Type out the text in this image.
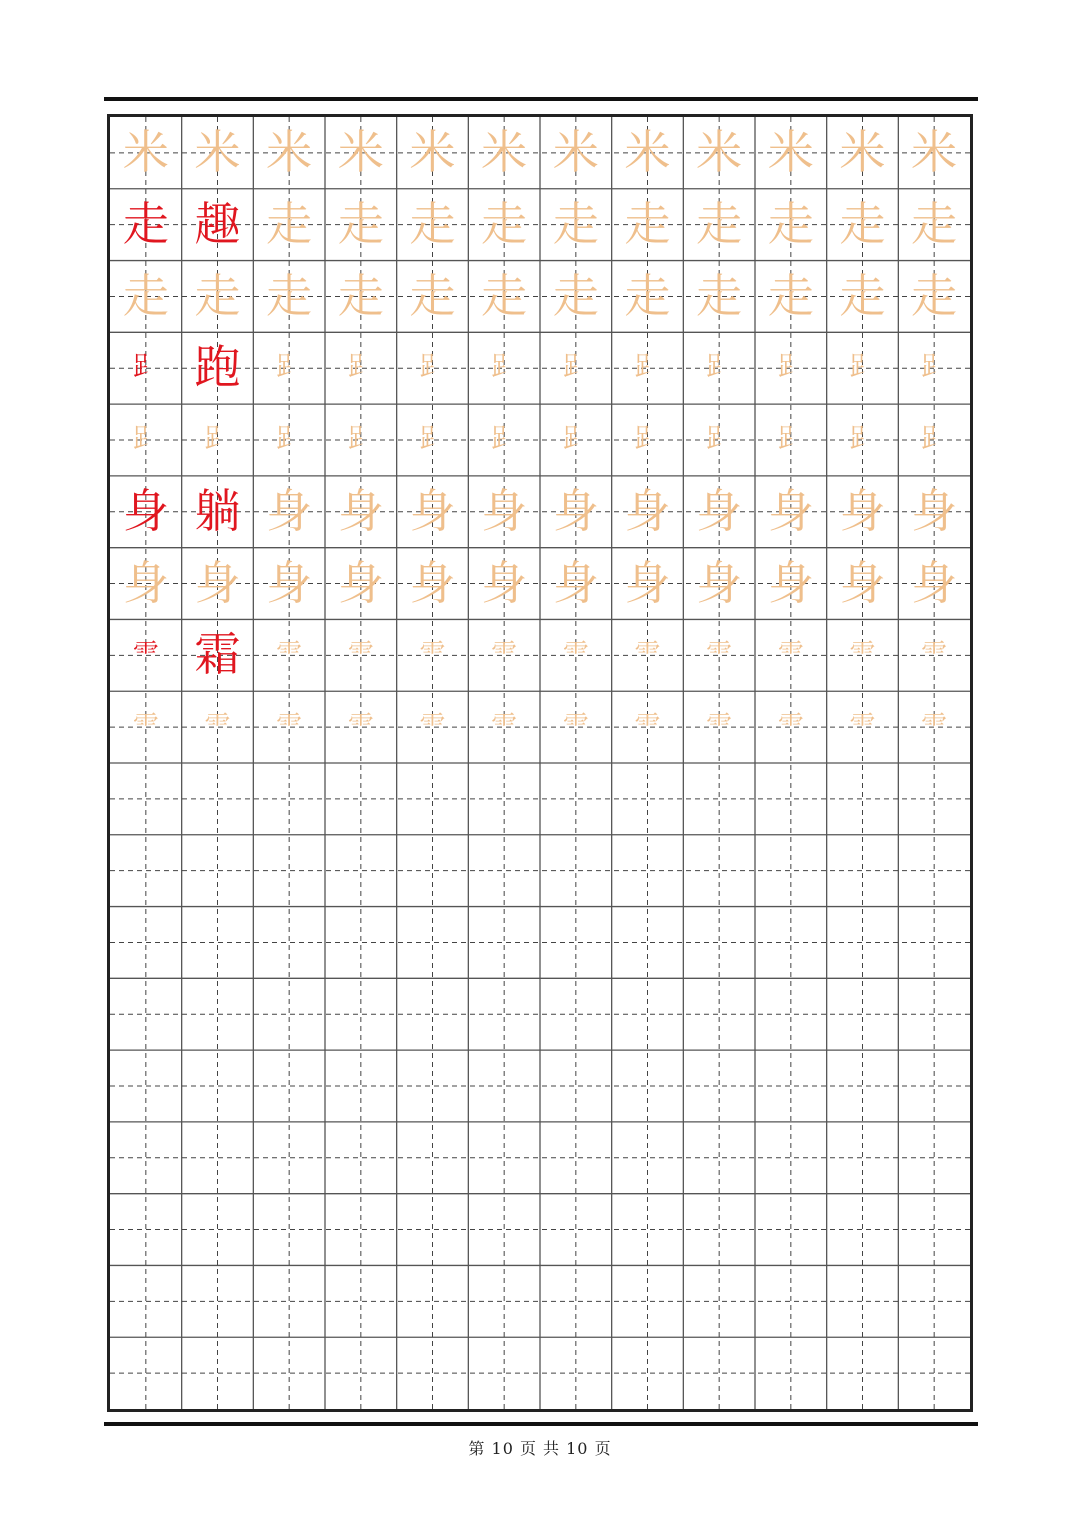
米 米 米 米 米 米 米 米 米 米 米 米
走 趣 走 走 走 走 走 走 走 走 走 走
走 走 走 走 走 走 走 走 走 走 走 走
𧾷 跑	𧾷	𧾷	𧾷	𧾷	𧾷	𧾷	𧾷	𧾷	𧾷	𧾷
𧾷	𧾷	𧾷	𧾷	𧾷	𧾷	𧾷	𧾷	𧾷	𧾷	𧾷	𧾷
身 躺 身 身 身 身 身 身 身 身 身 身
身 身 身 身 身 身 身 身 身 身 身 身
⻗ 霜	⻗	⻗	⻗	⻗	⻗	⻗	⻗	⻗	⻗	⻗
⻗	⻗	⻗	⻗	⻗	⻗	⻗	⻗	⻗	⻗	⻗	⻗
第 10 页 共 10 页
